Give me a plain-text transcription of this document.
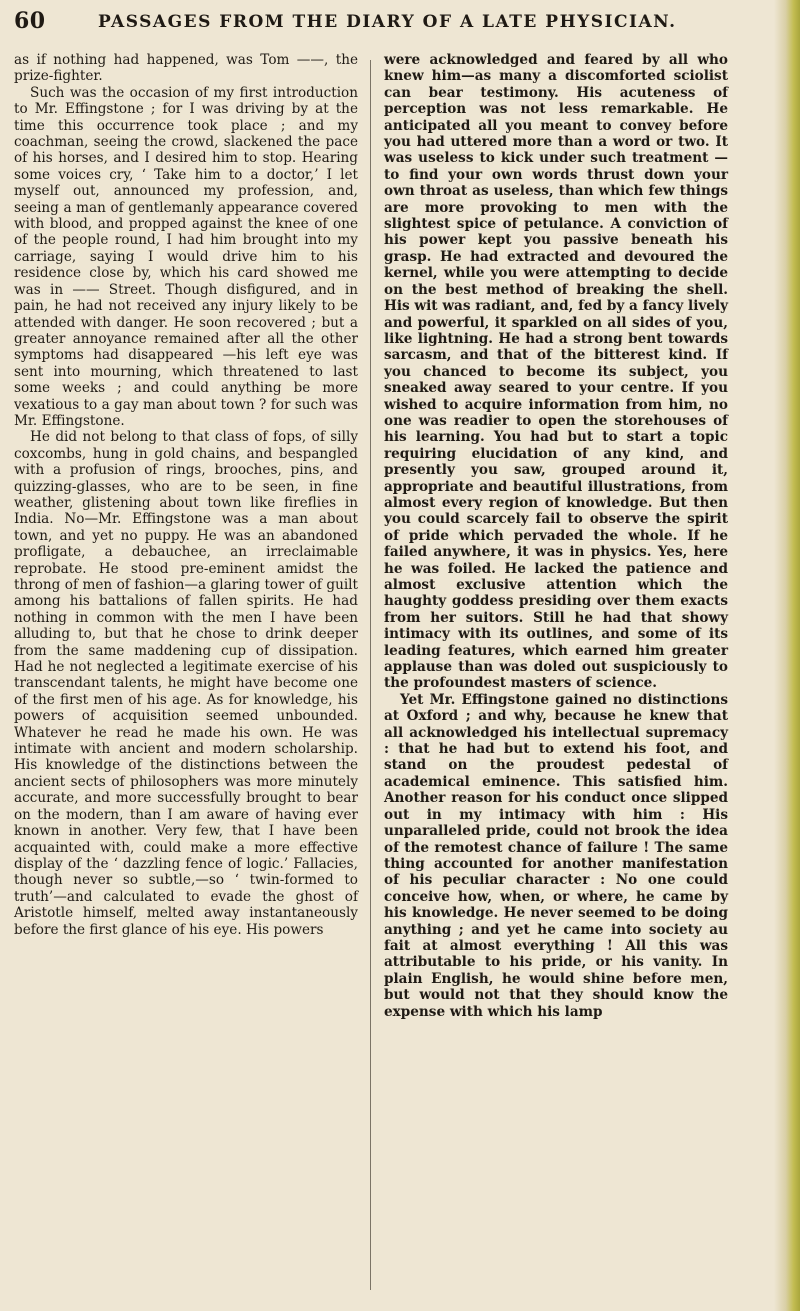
60	PASSAGES FROM THE DIARY OF A LATE PHYSICIAN.

as if nothing had happened, was Tom ——, the prize-fighter.

Such was the occasion of my first introduction to Mr. Effingstone ; for I was driving by at the time this occurrence took place ; and my coachman, seeing the crowd, slackened the pace of his horses, and I desired him to stop. Hearing some voices cry, ‘ Take him to a doctor,’ I let myself out, announced my profession, and, seeing a man of gentlemanly appearance covered with blood, and propped against the knee of one of the people round, I had him brought into my carriage, saying I would drive him to his residence close by, which his card showed me was in —— Street. Though disfigured, and in pain, he had not received any injury likely to be attended with danger. He soon recovered ; but a greater annoyance remained after all the other symptoms had disappeared —his left eye was sent into mourning, which threatened to last some weeks ; and could anything be more vexatious to a gay man about town ? for such was Mr. Effingstone.

He did not belong to that class of fops, of silly coxcombs, hung in gold chains, and bespangled with a profusion of rings, brooches, pins, and quizzing-glasses, who are to be seen, in fine weather, glistening about town like fireflies in India. No—Mr. Effingstone was a man about town, and yet no puppy. He was an abandoned profligate, a debauchee, an irreclaimable reprobate. He stood pre-eminent amidst the throng of men of fashion—a glaring tower of guilt among his battalions of fallen spirits. He had nothing in common with the men I have been alluding to, but that he chose to drink deeper from the same maddening cup of dissipation. Had he not neglected a legitimate exercise of his transcendant talents, he might have become one of the first men of his age. As for knowledge, his powers of acquisition seemed unbounded. Whatever he read he made his own. He was intimate with ancient and modern scholarship. His knowledge of the distinctions between the ancient sects of philosophers was more minutely accurate, and more successfully brought to bear on the modern, than I am aware of having ever known in another. Very few, that I have been acquainted with, could make a more effective display of the ‘ dazzling fence of logic.’ Fallacies, though never so subtle,—so ‘ twin-formed to truth’—and calculated to evade the ghost of Aristotle himself, melted away instantaneously before the first glance of his eye. His powers

were acknowledged and feared by all who knew him—as many a discomforted sciolist can bear testimony. His acuteness of perception was not less remarkable. He anticipated all you meant to convey before you had uttered more than a word or two. It was useless to kick under such treatment —to find your own words thrust down your own throat as useless, than which few things are more provoking to men with the slightest spice of petulance. A conviction of his power kept you passive beneath his grasp. He had extracted and devoured the kernel, while you were attempting to decide on the best method of breaking the shell. His wit was radiant, and, fed by a fancy lively and powerful, it sparkled on all sides of you, like lightning. He had a strong bent towards sarcasm, and that of the bitterest kind. If you chanced to become its subject, you sneaked away seared to your centre. If you wished to acquire information from him, no one was readier to open the storehouses of his learning. You had but to start a topic requiring elucidation of any kind, and presently you saw, grouped around it, appropriate and beautiful illustrations, from almost every region of knowledge. But then you could scarcely fail to observe the spirit of pride which pervaded the whole. If he failed anywhere, it was in physics. Yes, here he was foiled. He lacked the patience and almost exclusive attention which the haughty goddess presiding over them exacts from her suitors. Still he had that showy intimacy with its outlines, and some of its leading features, which earned him greater applause than was doled out suspiciously to the profoundest masters of science.

Yet Mr. Effingstone gained no distinctions at Oxford ; and why, because he knew that all acknowledged his intellectual supremacy : that he had but to extend his foot, and stand on the proudest pedestal of academical eminence. This satisfied him. Another reason for his conduct once slipped out in my intimacy with him : His unparalleled pride, could not brook the idea of the remotest chance of failure ! The same thing accounted for another manifestation of his peculiar character : No one could conceive how, when, or where, he came by his knowledge. He never seemed to be doing anything ; and yet he came into society au fait at almost everything ! All this was attributable to his pride, or his vanity. In plain English, he would shine before men, but would not that they should know the expense with which his lamp
